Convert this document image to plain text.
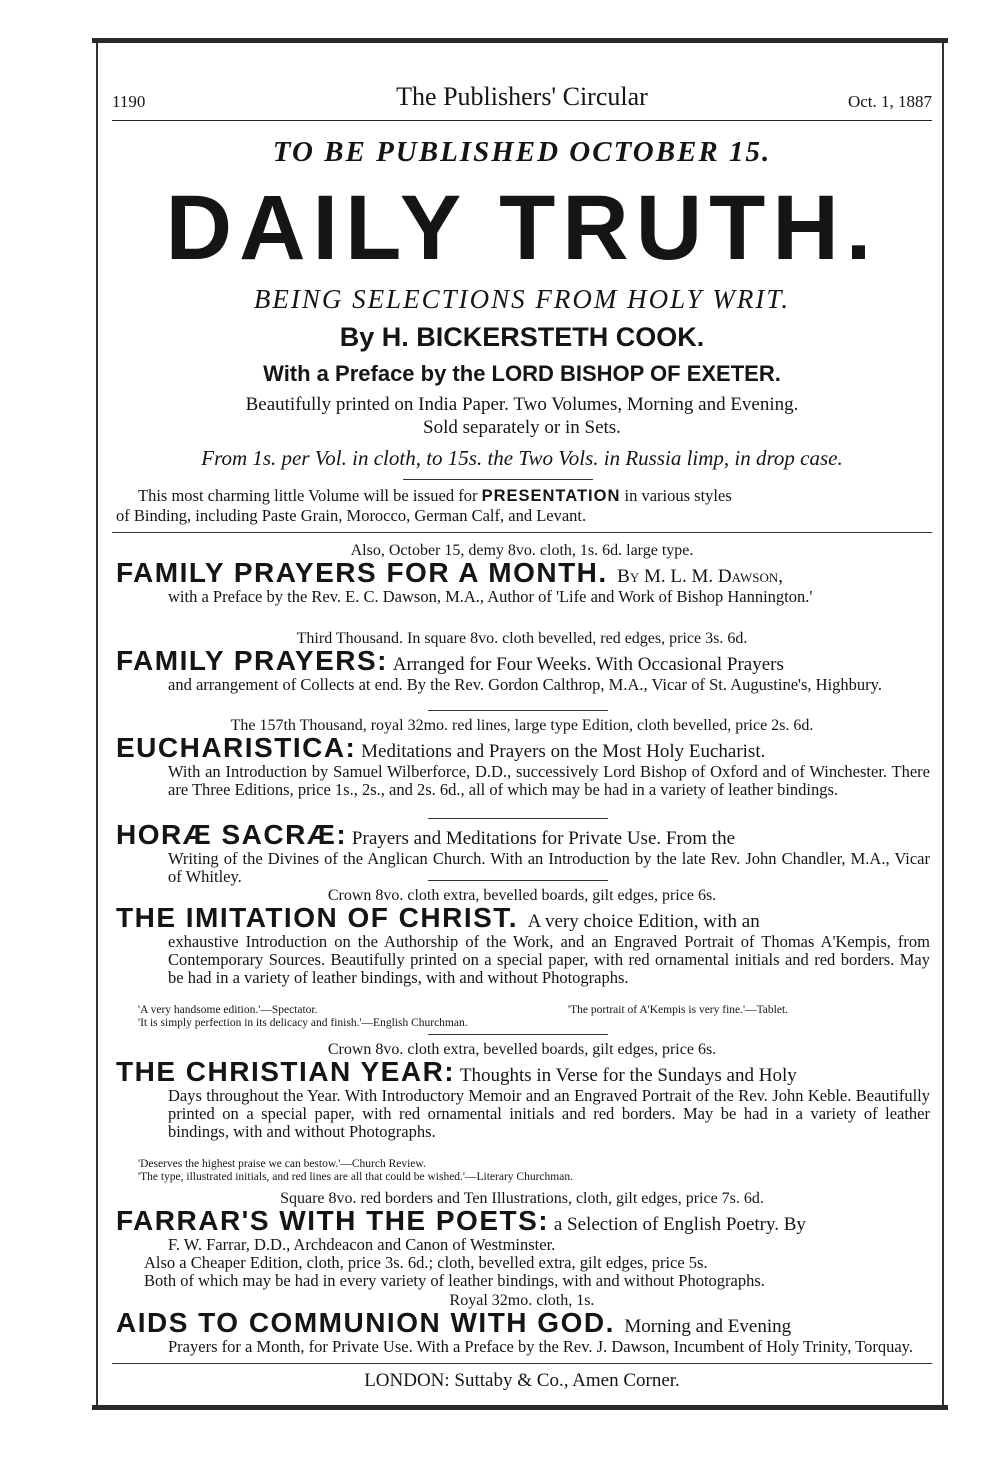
1190	The Publishers' Circular	Oct. 1, 1887
TO BE PUBLISHED OCTOBER 15.
DAILY TRUTH.
BEING SELECTIONS FROM HOLY WRIT.
By H. BICKERSTETH COOK.
With a Preface by the LORD BISHOP OF EXETER.
Beautifully printed on India Paper. Two Volumes, Morning and Evening.
Sold separately or in Sets.
From 1s. per Vol. in cloth, to 15s. the Two Vols. in Russia limp, in drop case.
This most charming little Volume will be issued for PRESENTATION in various styles
of Binding, including Paste Grain, Morocco, German Calf, and Levant.
Also, October 15, demy 8vo. cloth, 1s. 6d. large type.
FAMILY PRAYERS FOR A MONTH. By M. L. M. Dawson,
with a Preface by the Rev. E. C. Dawson, M.A., Author of 'Life and Work of Bishop Hannington.'
Third Thousand. In square 8vo. cloth bevelled, red edges, price 3s. 6d.
FAMILY PRAYERS: Arranged for Four Weeks. With Occasional Prayers
and arrangement of Collects at end. By the Rev. Gordon Calthrop, M.A., Vicar of St. Augustine's, Highbury.
The 157th Thousand, royal 32mo. red lines, large type Edition, cloth bevelled, price 2s. 6d.
EUCHARISTICA: Meditations and Prayers on the Most Holy Eucharist.
With an Introduction by Samuel Wilberforce, D.D., successively Lord Bishop of Oxford and of Winchester. There are Three Editions, price 1s., 2s., and 2s. 6d., all of which may be had in a variety of leather bindings.
HORÆ SACRÆ: Prayers and Meditations for Private Use. From the
Writing of the Divines of the Anglican Church. With an Introduction by the late Rev. John Chandler, M.A., Vicar of Whitley.
Crown 8vo. cloth extra, bevelled boards, gilt edges, price 6s.
THE IMITATION OF CHRIST. A very choice Edition, with an
exhaustive Introduction on the Authorship of the Work, and an Engraved Portrait of Thomas A'Kempis, from Contemporary Sources. Beautifully printed on a special paper, with red ornamental initials and red borders. May be had in a variety of leather bindings, with and without Photographs.
'A very handsome edition.'—Spectator.	'The portrait of A'Kempis is very fine.'—Tablet.
'It is simply perfection in its delicacy and finish.'—English Churchman.
Crown 8vo. cloth extra, bevelled boards, gilt edges, price 6s.
THE CHRISTIAN YEAR: Thoughts in Verse for the Sundays and Holy
Days throughout the Year. With Introductory Memoir and an Engraved Portrait of the Rev. John Keble. Beautifully printed on a special paper, with red ornamental initials and red borders. May be had in a variety of leather bindings, with and without Photographs.
'Deserves the highest praise we can bestow.'—Church Review.
'The type, illustrated initials, and red lines are all that could be wished.'—Literary Churchman.
Square 8vo. red borders and Ten Illustrations, cloth, gilt edges, price 7s. 6d.
FARRAR'S WITH THE POETS: a Selection of English Poetry. By
F. W. Farrar, D.D., Archdeacon and Canon of Westminster.
Also a Cheaper Edition, cloth, price 3s. 6d.; cloth, bevelled extra, gilt edges, price 5s.
Both of which may be had in every variety of leather bindings, with and without Photographs.
Royal 32mo. cloth, 1s.
AIDS TO COMMUNION WITH GOD. Morning and Evening
Prayers for a Month, for Private Use. With a Preface by the Rev. J. Dawson, Incumbent of Holy Trinity, Torquay.
LONDON: Suttaby & Co., Amen Corner.
